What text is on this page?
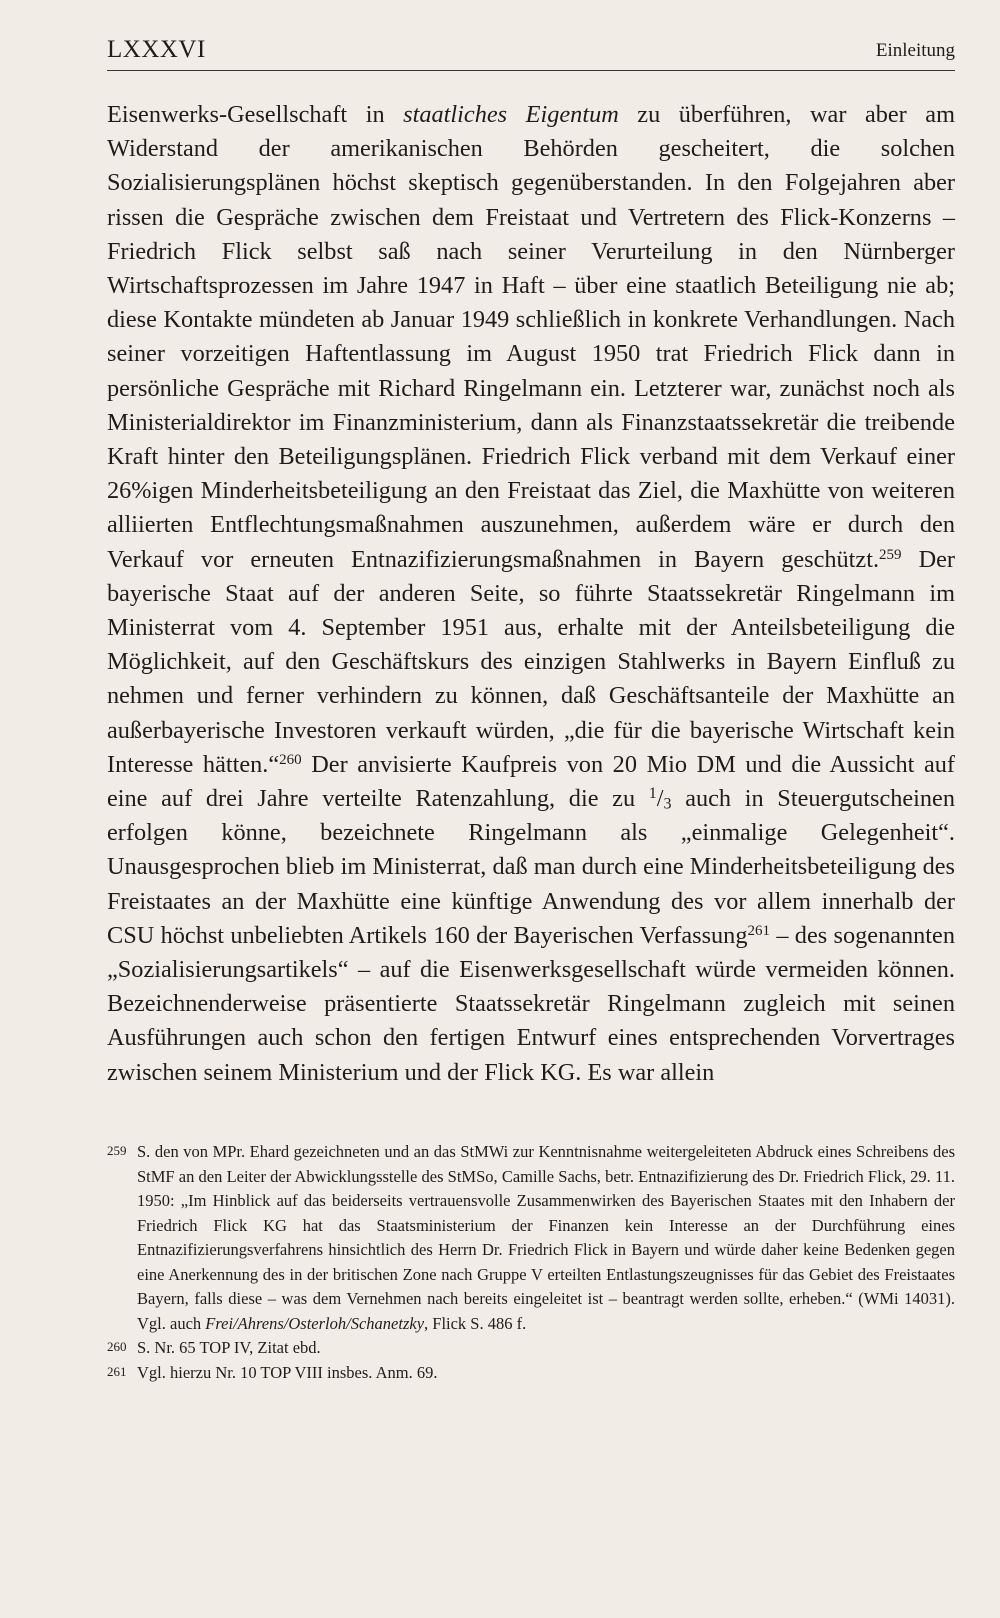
LXXXVI	Einleitung

Eisenwerks-Gesellschaft in staatliches Eigentum zu überführen, war aber am Widerstand der amerikanischen Behörden gescheitert, die solchen Sozialisierungsplänen höchst skeptisch gegenüberstanden. In den Folgejahren aber rissen die Gespräche zwischen dem Freistaat und Vertretern des Flick-Konzerns – Friedrich Flick selbst saß nach seiner Verurteilung in den Nürnberger Wirtschaftsprozessen im Jahre 1947 in Haft – über eine staatlich Beteiligung nie ab; diese Kontakte mündeten ab Januar 1949 schließlich in konkrete Verhandlungen. Nach seiner vorzeitigen Haftentlassung im August 1950 trat Friedrich Flick dann in persönliche Gespräche mit Richard Ringelmann ein. Letzterer war, zunächst noch als Ministerialdirektor im Finanzministerium, dann als Finanzstaatssekretär die treibende Kraft hinter den Beteiligungsplänen. Friedrich Flick verband mit dem Verkauf einer 26%igen Minderheitsbeteiligung an den Freistaat das Ziel, die Maxhütte von weiteren alliierten Entflechtungsmaßnahmen auszunehmen, außerdem wäre er durch den Verkauf vor erneuten Entnazifizierungsmaßnahmen in Bayern geschützt.$^{259}$ Der bayerische Staat auf der anderen Seite, so führte Staatssekretär Ringelmann im Ministerrat vom 4. September 1951 aus, erhalte mit der Anteilsbeteiligung die Möglichkeit, auf den Geschäftskurs des einzigen Stahlwerks in Bayern Einfluß zu nehmen und ferner verhindern zu können, daß Geschäftsanteile der Maxhütte an außerbayerische Investoren verkauft würden, „die für die bayerische Wirtschaft kein Interesse hätten.“$^{260}$ Der anvisierte Kaufpreis von 20 Mio DM und die Aussicht auf eine auf drei Jahre verteilte Ratenzahlung, die zu $^1/_3$ auch in Steuergutscheinen erfolgen könne, bezeichnete Ringelmann als „einmalige Gelegenheit“. Unausgesprochen blieb im Ministerrat, daß man durch eine Minderheitsbeteiligung des Freistaates an der Maxhütte eine künftige Anwendung des vor allem innerhalb der CSU höchst unbeliebten Artikels 160 der Bayerischen Verfassung$^{261}$ – des sogenannten „Sozialisierungsartikels“ – auf die Eisenwerksgesellschaft würde vermeiden können. Bezeichnenderweise präsentierte Staatssekretär Ringelmann zugleich mit seinen Ausführungen auch schon den fertigen Entwurf eines entsprechenden Vorvertrages zwischen seinem Ministerium und der Flick KG. Es war allein

259 S. den von MPr. Ehard gezeichneten und an das StMWi zur Kenntnisnahme weitergeleiteten Abdruck eines Schreibens des StMF an den Leiter der Abwicklungsstelle des StMSo, Camille Sachs, betr. Entnazifizierung des Dr. Friedrich Flick, 29. 11. 1950: „Im Hinblick auf das beiderseits vertrauensvolle Zusammenwirken des Bayerischen Staates mit den Inhabern der Friedrich Flick KG hat das Staatsministerium der Finanzen kein Interesse an der Durchführung eines Entnazifizierungsverfahrens hinsichtlich des Herrn Dr. Friedrich Flick in Bayern und würde daher keine Bedenken gegen eine Anerkennung des in der britischen Zone nach Gruppe V erteilten Entlastungszeugnisses für das Gebiet des Freistaates Bayern, falls diese – was dem Vernehmen nach bereits eingeleitet ist – beantragt werden sollte, erheben.“ (WMi 14031). Vgl. auch Frei/Ahrens/Osterloh/Schanetzky, Flick S. 486 f.

260 S. Nr. 65 TOP IV, Zitat ebd.

261 Vgl. hierzu Nr. 10 TOP VIII insbes. Anm. 69.
